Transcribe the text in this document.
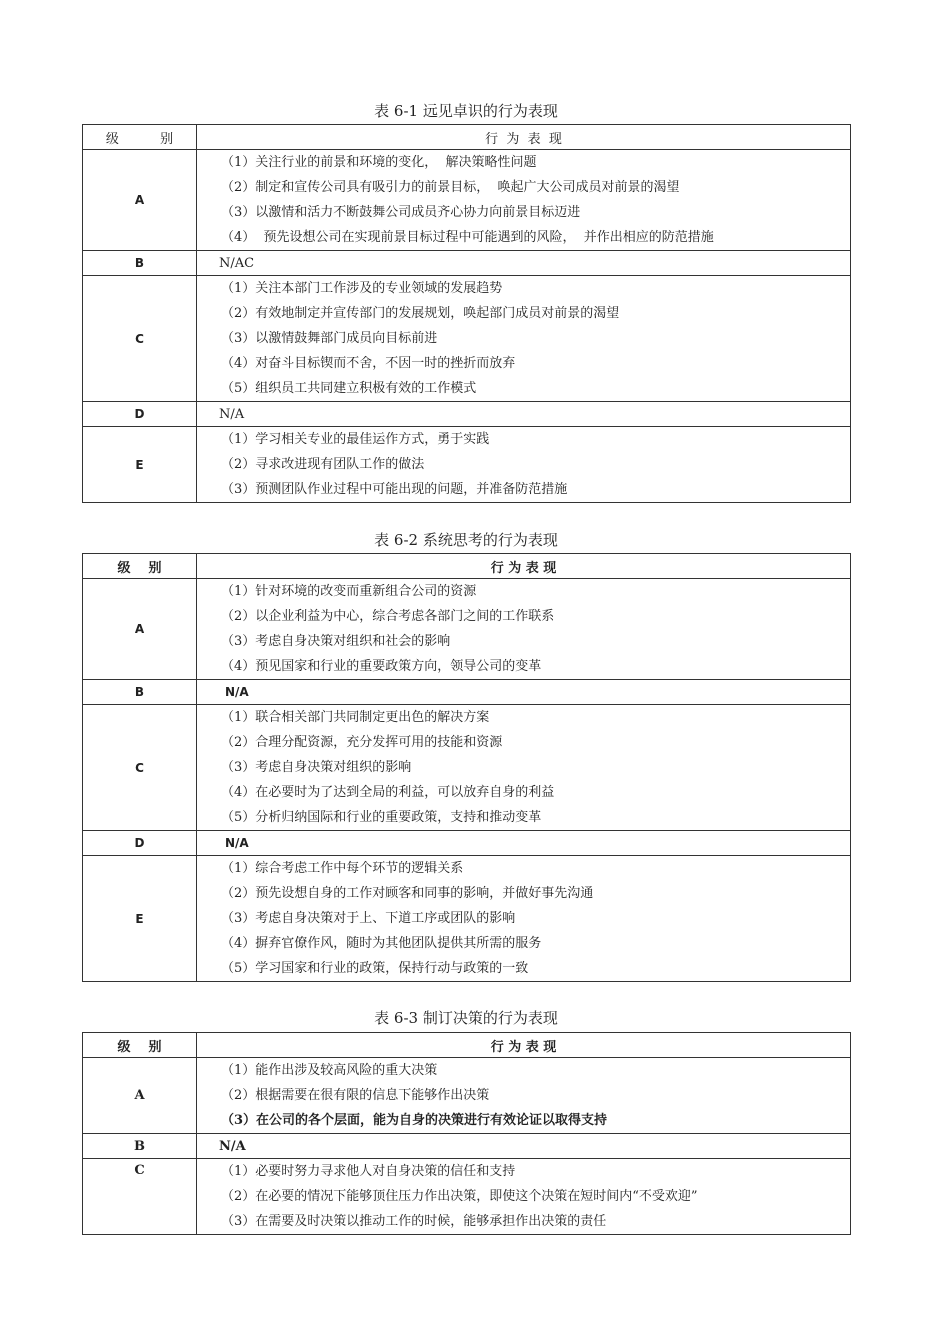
表 6-1 远见卓识的行为表现
级          别	行  为  表  现
A	（1）关注行业的前景和环境的变化，  解决策略性问题
（2）制定和宣传公司具有吸引力的前景目标，  唤起广大公司成员对前景的渴望
（3）以激情和活力不断鼓舞公司成员齐心协力向前景目标迈进
（4）  预先设想公司在实现前景目标过程中可能遇到的风险，  并作出相应的防范措施

B	N/AC
C	（1）关注本部门工作涉及的专业领域的发展趋势
（2）有效地制定并宣传部门的发展规划，唤起部门成员对前景的渴望
（3）以激情鼓舞部门成员向目标前进
（4）对奋斗目标锲而不舍，不因一时的挫折而放弃
（5）组织员工共同建立积极有效的工作模式

D	N/A
E	（1）学习相关专业的最佳运作方式，勇于实践
（2）寻求改进现有团队工作的做法
（3）预测团队作业过程中可能出现的问题，并准备防范措施
表 6-2 系统思考的行为表现
级    别	行 为 表 现
A	（1）针对环境的改变而重新组合公司的资源
（2）以企业利益为中心，综合考虑各部门之间的工作联系
（3）考虑自身决策对组织和社会的影响
（4）预见国家和行业的重要政策方向，领导公司的变革

B	N/A
C	（1）联合相关部门共同制定更出色的解决方案
（2）合理分配资源，充分发挥可用的技能和资源
（3）考虑自身决策对组织的影响
（4）在必要时为了达到全局的利益，可以放弃自身的利益
（5）分析归纳国际和行业的重要政策，支持和推动变革

D	N/A
E	（1）综合考虑工作中每个环节的逻辑关系
（2）预先设想自身的工作对顾客和同事的影响，并做好事先沟通
（3）考虑自身决策对于上、下道工序或团队的影响
（4）摒弃官僚作风，随时为其他团队提供其所需的服务
（5）学习国家和行业的政策，保持行动与政策的一致
表 6-3 制订决策的行为表现
级    别	行 为 表 现
A	（1）能作出涉及较高风险的重大决策
（2）根据需要在很有限的信息下能够作出决策
（3）在公司的各个层面，能为自身的决策进行有效论证以取得支持

B	N/A
C	（1）必要时努力寻求他人对自身决策的信任和支持
（2）在必要的情况下能够顶住压力作出决策，即使这个决策在短时间内“不受欢迎”
（3）在需要及时决策以推动工作的时候，能够承担作出决策的责任
